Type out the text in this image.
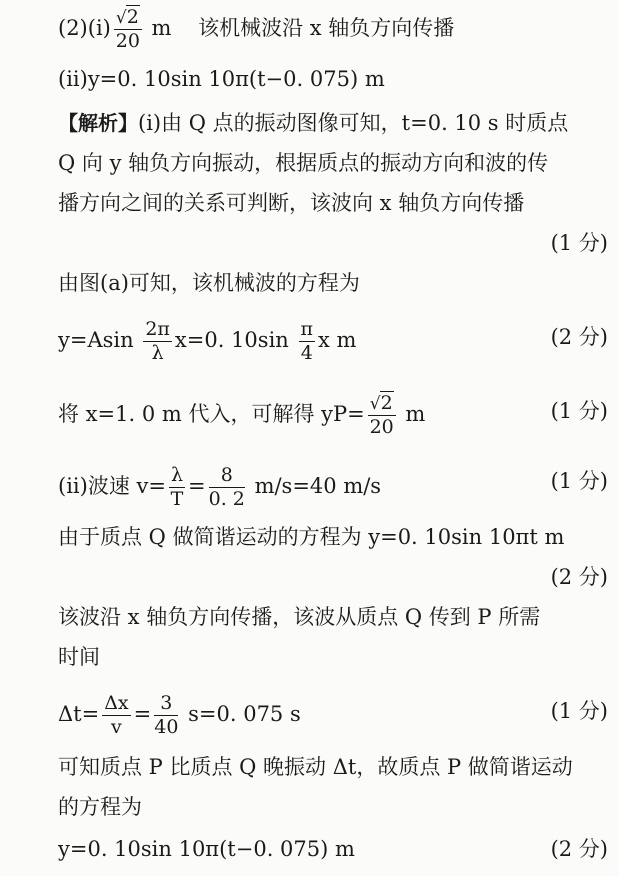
$(2)(i) \frac{√2}{20}$ m 该机械波沿 x 轴负方向传播
(ii)y=0. 10sin 10π(t−0. 075) m
【解析】(i)由 Q 点的振动图像可知，t=0. 10 s 时质点
Q 向 y 轴负方向振动，根据质点的振动方向和波的传
播方向之间的关系可判断，该波向 x 轴负方向传播
(1 分)
由图(a)可知，该机械波的方程为
$y=Asin \frac{2\pi}{\lambda} x=0$. $10\sin \frac{\pi}{4}$ x m	(2 分)
将 x=1. 0 m 代入，可解得 $yP= \frac{√2}{20}$ m	(1 分)
(ii)波速 $v= \frac{\lambda}{T} = \frac{8}{0. 2} m/s=40$ m/s	(1 分)
由于质点 Q 做简谐运动的方程为 y=0. 10sin 10πt m
(2 分)
该波沿 x 轴负方向传播，该波从质点 Q 传到 P 所需
时间
$\Delta t= \frac{\Delta x}{v} = \frac{3}{40} s=0$. 075 s	(1 分)
可知质点 P 比质点 Q 晚振动 Δt，故质点 P 做简谐运动
的方程为
y=0. 10sin 10π(t−0. 075) m	(2 分)
